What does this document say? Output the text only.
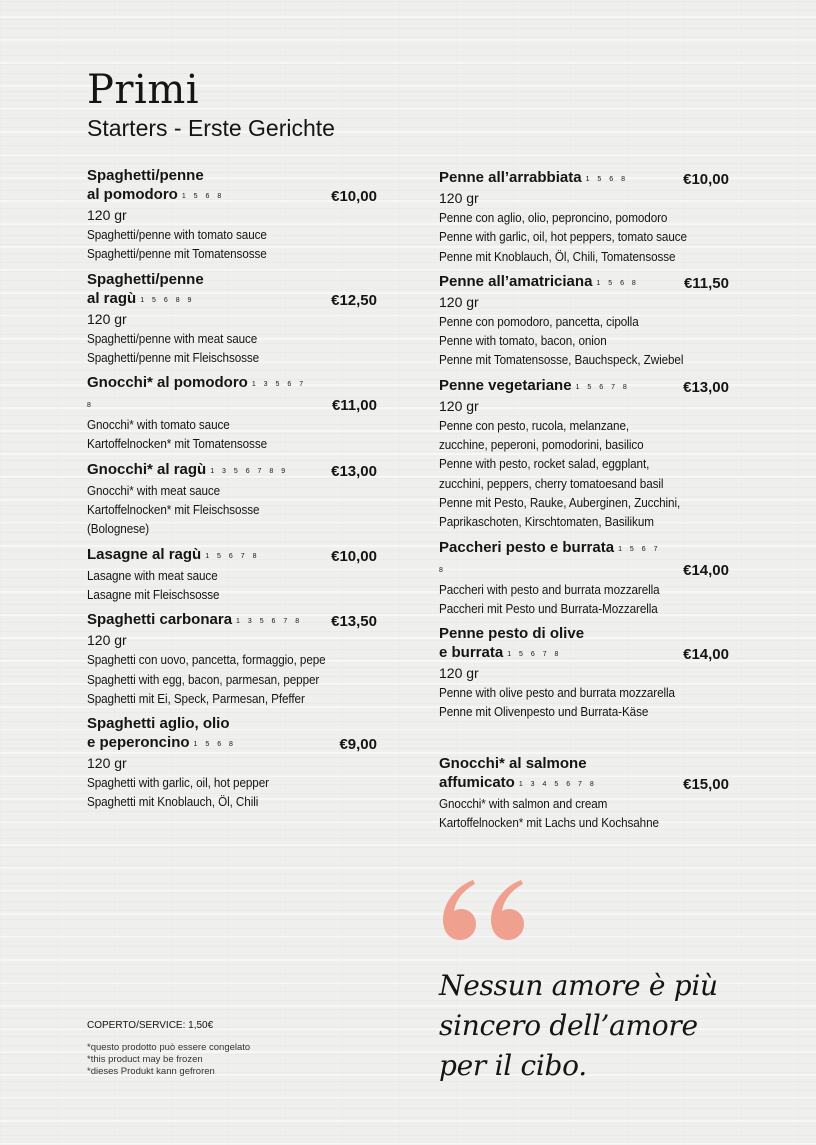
Primi
Starters - Erste Gerichte
Spaghetti/penne
al pomodoro 1 5 6 8	€10,00
120 gr
Spaghetti/penne with tomato sauce
Spaghetti/penne mit Tomatensosse
Spaghetti/penne
al ragù 1 5 6 8 9	€12,50
120 gr
Spaghetti/penne with meat sauce
Spaghetti/penne mit Fleischsosse
Gnocchi* al pomodoro 1 3 5 6 7 8	€11,00
Gnocchi* with tomato sauce
Kartoffelnocken* mit Tomatensosse
Gnocchi* al ragù 1 3 5 6 7 8 9	€13,00
Gnocchi* with meat sauce
Kartoffelnocken* mit Fleischsosse
(Bolognese)
Lasagne al ragù 1 5 6 7 8	€10,00
Lasagne with meat sauce
Lasagne mit Fleischsosse
Spaghetti carbonara 1 3 5 6 7 8 €13,50
120 gr
Spaghetti con uovo, pancetta, formaggio, pepe
Spaghetti with egg, bacon, parmesan, pepper
Spaghetti mit Ei, Speck, Parmesan, Pfeffer
Spaghetti aglio, olio
e peperoncino 1 5 6 8	€9,00
120 gr
Spaghetti with garlic, oil, hot pepper
Spaghetti mit Knoblauch, Öl, Chili
Penne all’arrabbiata 1 5 6 8	€10,00
120 gr
Penne con aglio, olio, peproncino, pomodoro
Penne with garlic, oil, hot peppers, tomato sauce
Penne mit Knoblauch, Öl, Chili, Tomatensosse
Penne all’amatriciana 1 5 6 8	€11,50
120 gr
Penne con pomodoro, pancetta, cipolla
Penne with tomato, bacon, onion
Penne mit Tomatensosse, Bauchspeck, Zwiebel
Penne vegetariane 1 5 6 7 8	€13,00
120 gr
Penne con pesto, rucola, melanzane,
zucchine, peperoni, pomodorini, basilico
Penne with pesto, rocket salad, eggplant,
zucchini, peppers, cherry tomatoesand basil
Penne mit Pesto, Rauke, Auberginen, Zucchini,
Paprikaschoten, Kirschtomaten, Basilikum
Paccheri pesto e burrata 1 5 6 7 8	€14,00
Paccheri with pesto and burrata mozzarella
Paccheri mit Pesto und Burrata-Mozzarella
Penne pesto di olive
e burrata 1 5 6 7 8	€14,00
120 gr
Penne with olive pesto and burrata mozzarella
Penne mit Olivenpesto und Burrata-Käse
Gnocchi* al salmone
affumicato 1 3 4 5 6 7 8	€15,00
Gnocchi* with salmon and cream
Kartoffelnocken* mit Lachs und Kochsahne
COPERTO/SERVICE: 1,50€
*questo prodotto può essere congelato
*this product may be frozen
*dieses Produkt kann gefroren
Nessun amore è più
sincero dell’amore
per il cibo.
